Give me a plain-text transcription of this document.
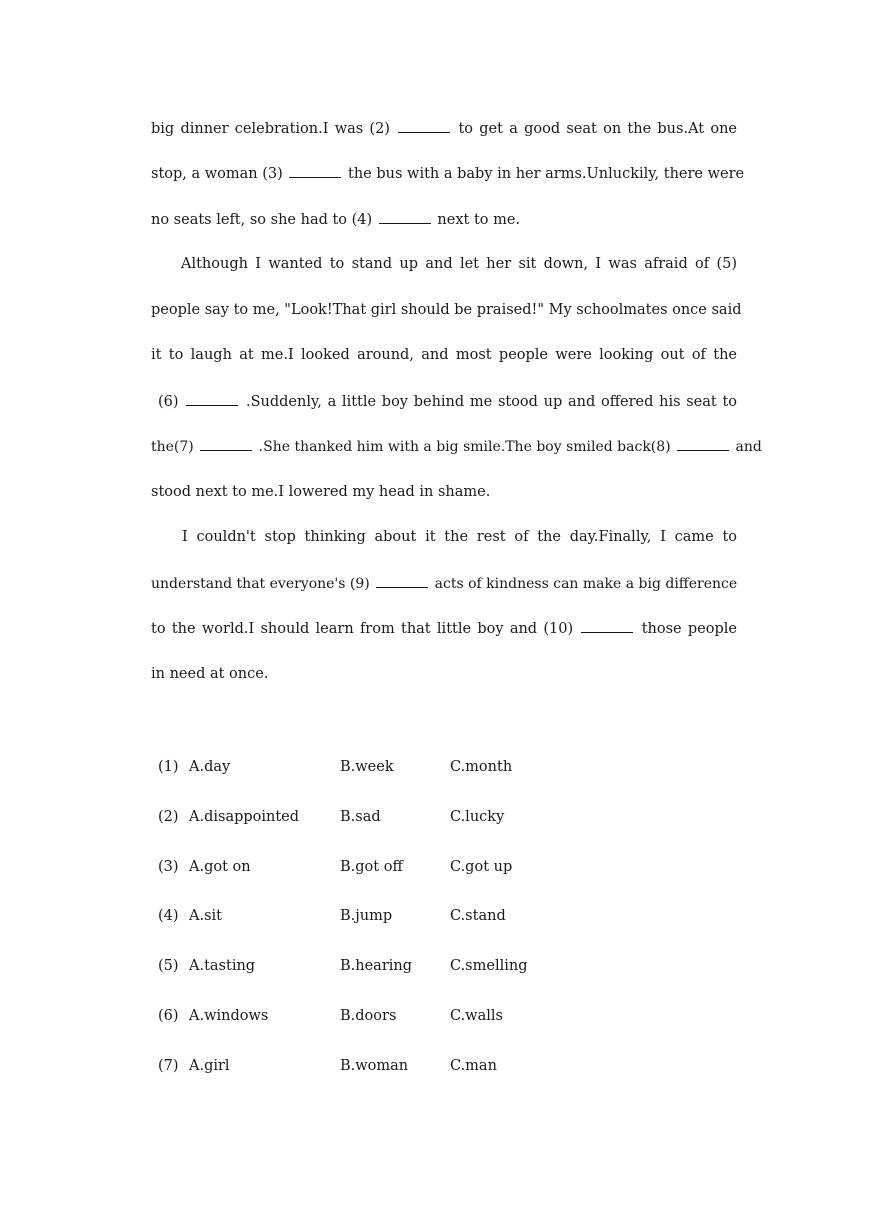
big dinner celebration.I was (2)	to get a good seat on the bus.At one
stop, a woman (3)	the bus with a baby in her arms.Unluckily, there were
no seats left, so she had to (4)	next to me.
Although I wanted to stand up and let her sit down, I was afraid of (5)
people say to me, "Look!That girl should be praised!" My schoolmates once said
it to laugh at me.I looked around, and most people were looking out of the
(6)	.Suddenly, a little boy behind me stood up and offered his seat to
the(7)	.She thanked him with a big smile.The boy smiled back(8)	and
stood next to me.I lowered my head in shame.
I couldn't stop thinking about it the rest of the day.Finally, I came to
understand that everyone's (9)	acts of kindness can make a big difference
to the world.I should learn from that little boy and (10)	those people
in need at once.
(1) A.day	B.week	C.month
(2) A.disappointed	B.sad	C.lucky
(3) A.got on	B.got off	C.got up
(4) A.sit	B.jump	C.stand
(5) A.tasting	B.hearing	C.smelling
(6) A.windows	B.doors	C.walls
(7) A.girl	B.woman	C.man
